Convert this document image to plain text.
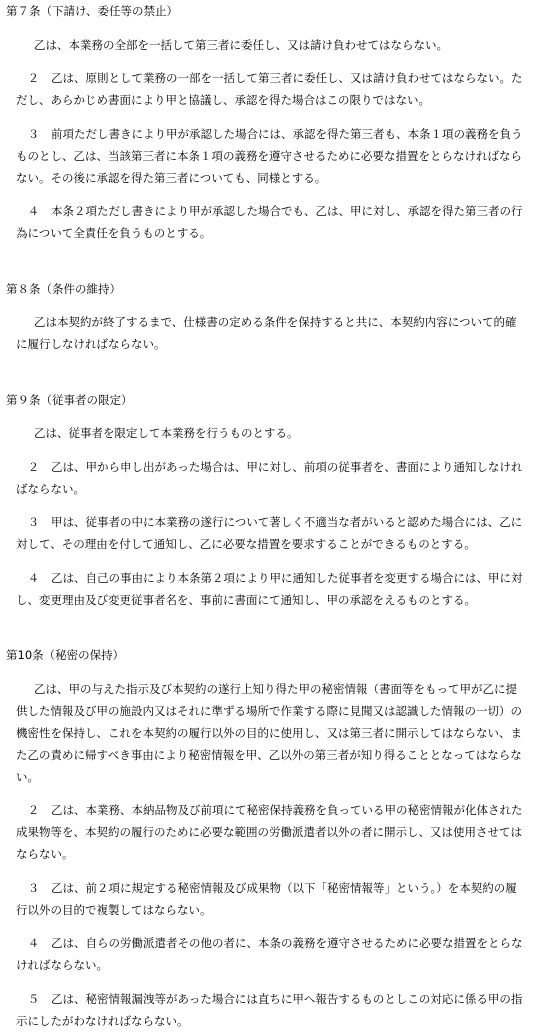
第７条（下請け、委任等の禁止）

乙は、本業務の全部を一括して第三者に委任し、又は請け負わせてはならない。

２ 乙は、原則として業務の一部を一括して第三者に委任し、又は請け負わせてはならない。ただし、あらかじめ書面により甲と協議し、承認を得た場合はこの限りではない。

３ 前項ただし書きにより甲が承認した場合には、承認を得た第三者も、本条１項の義務を負うものとし、乙は、当該第三者に本条１項の義務を遵守させるために必要な措置をとらなければならない。その後に承認を得た第三者についても、同様とする。

４ 本条２項ただし書きにより甲が承認した場合でも、乙は、甲に対し、承認を得た第三者の行為について全責任を負うものとする。

第８条（条件の維持）

乙は本契約が終了するまで、仕様書の定める条件を保持すると共に、本契約内容について的確に履行しなければならない。

第９条（従事者の限定）

乙は、従事者を限定して本業務を行うものとする。

２ 乙は、甲から申し出があった場合は、甲に対し、前項の従事者を、書面により通知しなければならない。

３ 甲は、従事者の中に本業務の遂行について著しく不適当な者がいると認めた場合には、乙に対して、その理由を付して通知し、乙に必要な措置を要求することができるものとする。

４ 乙は、自己の事由により本条第２項により甲に通知した従事者を変更する場合には、甲に対し、変更理由及び変更従事者名を、事前に書面にて通知し、甲の承認をえるものとする。

第10条（秘密の保持）

乙は、甲の与えた指示及び本契約の遂行上知り得た甲の秘密情報（書面等をもって甲が乙に提供した情報及び甲の施設内又はそれに準ずる場所で作業する際に見聞又は認識した情報の一切）の機密性を保持し、これを本契約の履行以外の目的に使用し、又は第三者に開示してはならない、また乙の責めに帰すべき事由により秘密情報を甲、乙以外の第三者が知り得ることとなってはならない。

２ 乙は、本業務、本納品物及び前項にて秘密保持義務を負っている甲の秘密情報が化体された成果物等を、本契約の履行のために必要な範囲の労働派遣者以外の者に開示し、又は使用させてはならない。

３ 乙は、前２項に規定する秘密情報及び成果物（以下「秘密情報等」という。）を本契約の履行以外の目的で複製してはならない。

４ 乙は、自らの労働派遣者その他の者に、本条の義務を遵守させるために必要な措置をとらなければならない。

５ 乙は、秘密情報漏洩等があった場合には直ちに甲へ報告するものとしこの対応に係る甲の指示にしたがわなければならない。
